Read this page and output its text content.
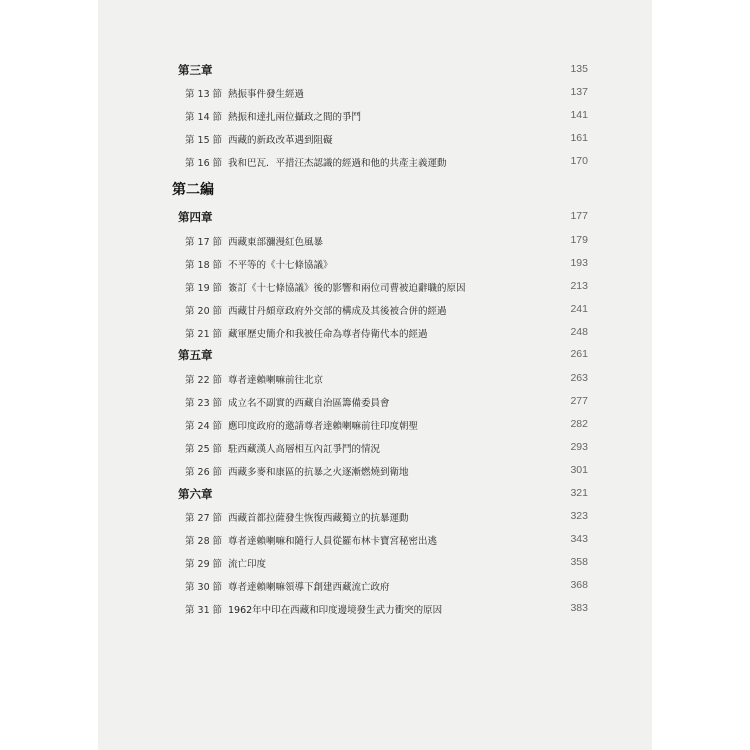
第三章	135
第 13 節 熱振事件發生經過	137
第 14 節 熱振和達扎兩位攝政之間的爭鬥	141
第 15 節 西藏的新政改革遇到阻礙	161
第 16 節 我和巴瓦．平措汪杰認識的經過和他的共產主義運動	170
第二編
第四章	177
第 17 節 西藏東部瀰漫紅色風暴	179
第 18 節 不平等的《十七條協議》	193
第 19 節 簽訂《十七條協議》後的影響和兩位司曹被迫辭職的原因	213
第 20 節 西藏甘丹頗章政府外交部的構成及其後被合併的經過	241
第 21 節 藏軍歷史簡介和我被任命為尊者侍衛代本的經過	248
第五章	261
第 22 節 尊者達賴喇嘛前往北京	263
第 23 節 成立名不副實的西藏自治區籌備委員會	277
第 24 節 應印度政府的邀請尊者達賴喇嘛前往印度朝聖	282
第 25 節 駐西藏漢人高層相互內訌爭鬥的情況	293
第 26 節 西藏多麥和康區的抗暴之火逐漸燃燒到衛地	301
第六章	321
第 27 節 西藏首都拉薩發生恢復西藏獨立的抗暴運動	323
第 28 節 尊者達賴喇嘛和隨行人員從羅布林卡寶宮秘密出逃	343
第 29 節 流亡印度	358
第 30 節 尊者達賴喇嘛領導下創建西藏流亡政府	368
第 31 節 1962年中印在西藏和印度邊境發生武力衝突的原因	383
